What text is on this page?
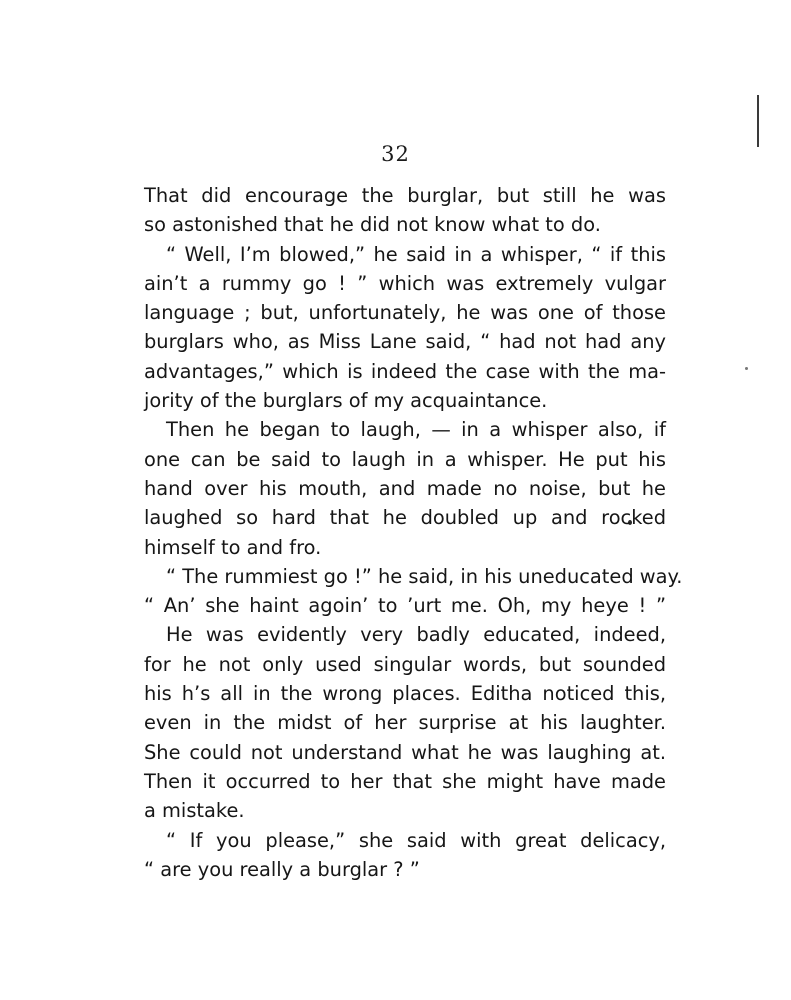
32
That did encourage the burglar, but still he was
so astonished that he did not know what to do.
“ Well, I’m blowed,” he said in a whisper, “ if this
ain’t a rummy go ! ” which was extremely vulgar
language ; but, unfortunately, he was one of those
burglars who, as Miss Lane said, “ had not had any
advantages,” which is indeed the case with the ma-
jority of the burglars of my acquaintance.
Then he began to laugh, — in a whisper also, if
one can be said to laugh in a whisper. He put his
hand over his mouth, and made no noise, but he
laughed so hard that he doubled up and rocked
himself to and fro.
“ The rummiest go !” he said, in his uneducated way.
“ An’ she haint agoin’ to ’urt me. Oh, my heye ! ”
He was evidently very badly educated, indeed,
for he not only used singular words, but sounded
his h’s all in the wrong places. Editha noticed this,
even in the midst of her surprise at his laughter.
She could not understand what he was laughing at.
Then it occurred to her that she might have made
a mistake.
“ If you please,” she said with great delicacy,
“ are you really a burglar ? ”
